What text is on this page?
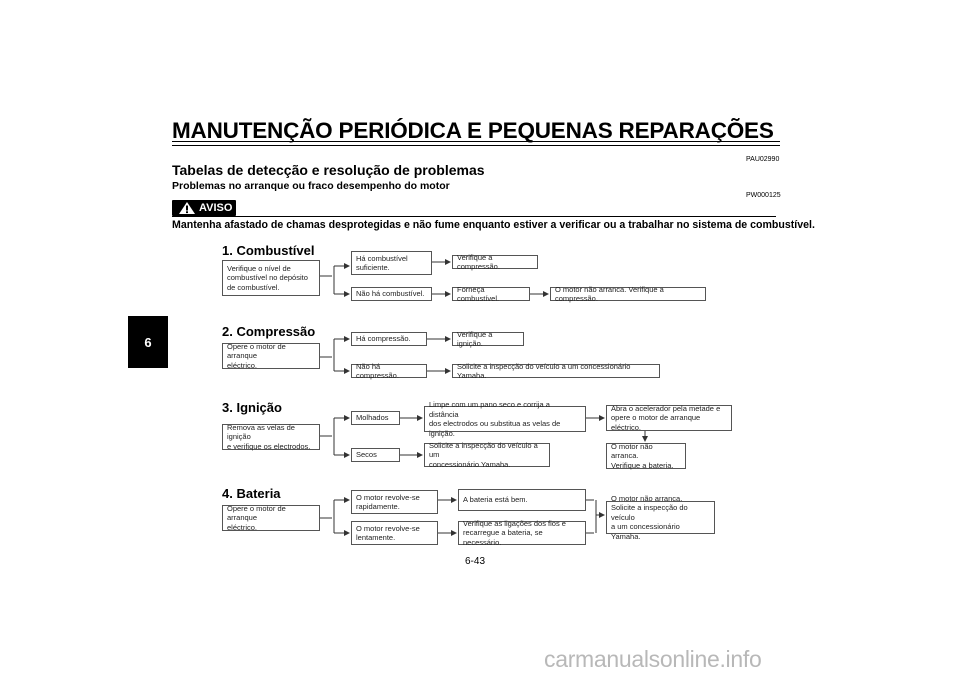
MANUTENÇÃO PERIÓDICA E PEQUENAS REPARAÇÕES
6
PAU02990
Tabelas de detecção e resolução de problemas
Problemas no arranque ou fraco desempenho do motor
PW000125
AVISO
Mantenha afastado de chamas desprotegidas e não fume enquanto estiver a verificar ou a trabalhar no sistema de combustível.
1. Combustível
Verifique o nível de
combustível no depósito
de combustível.
Há combustível
suficiente.
Verifique a compressão.
Não há combustível.
Forneça combustível.
O motor não arranca. Verifique a compressão.
2. Compressão
Opere o motor de arranque
eléctrico.
Há compressão.
Verifique a ignição.
Não há compressão.
Solicite a inspecção do veículo a um concessionário Yamaha.
3. Ignição
Remova as velas de ignição
e verifique os electrodos.
Molhados
Limpe com um pano seco e corrija a distância
dos electrodos ou substitua as velas de ignição.
Abra o acelerador pela metade e
opere o motor de arranque eléctrico.
O motor não arranca.
Verifique a bateria.
Secos
Solicite a inspecção do veículo a um
concessionário Yamaha.
4. Bateria
Opere o motor de arranque
eléctrico.
O motor revolve-se
rapidamente.
A bateria está bem.
O motor revolve-se
lentamente.
Verifique as ligações dos fios e
recarregue a bateria, se necessário.
O motor não arranca.
Solicite a inspecção do veículo
a um concessionário Yamaha.
6-43
carmanualsonline.info
